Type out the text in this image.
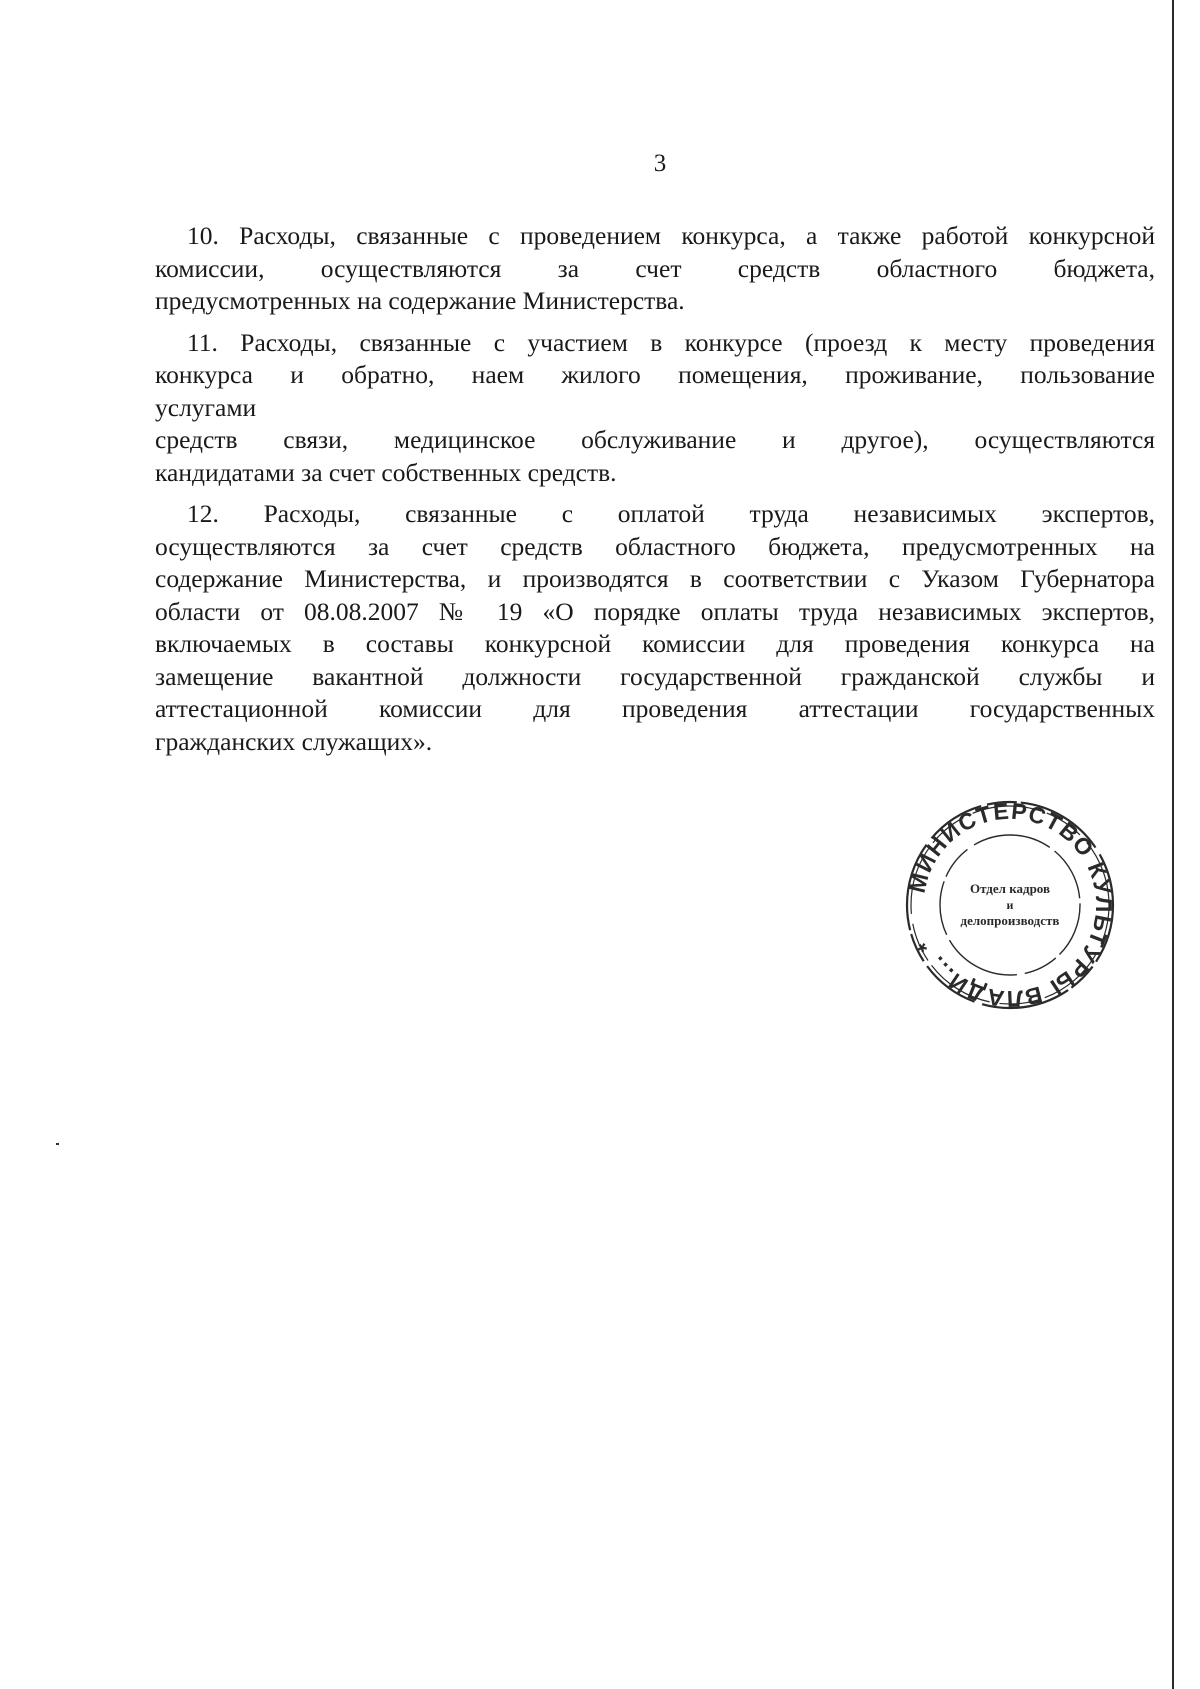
3

10. Расходы, связанные с проведением конкурса, а также работой конкурсной
комиссии, осуществляются за счет средств областного бюджета,
предусмотренных на содержание Министерства.

11. Расходы, связанные с участием в конкурсе (проезд к месту проведения
конкурса и обратно, наем жилого помещения, проживание, пользование
услугами
средств связи, медицинское обслуживание и другое), осуществляются
кандидатами за счет собственных средств.

12. Расходы, связанные с оплатой труда независимых экспертов,
осуществляются за счет средств областного бюджета, предусмотренных на
содержание Министерства, и производятся в соответствии с Указом Губернатора
области от 08.08.2007 № 19 «О порядке оплаты труда независимых экспертов,
включаемых в составы конкурсной комиссии для проведения конкурса на
замещение вакантной должности государственной гражданской службы и
аттестационной комиссии для проведения аттестации государственных
гражданских служащих».

МИНИСТЕРСТВО КУЛЬТУРЫ ВЛАДИ... *
Отдел кадров
и
делопроизводств
